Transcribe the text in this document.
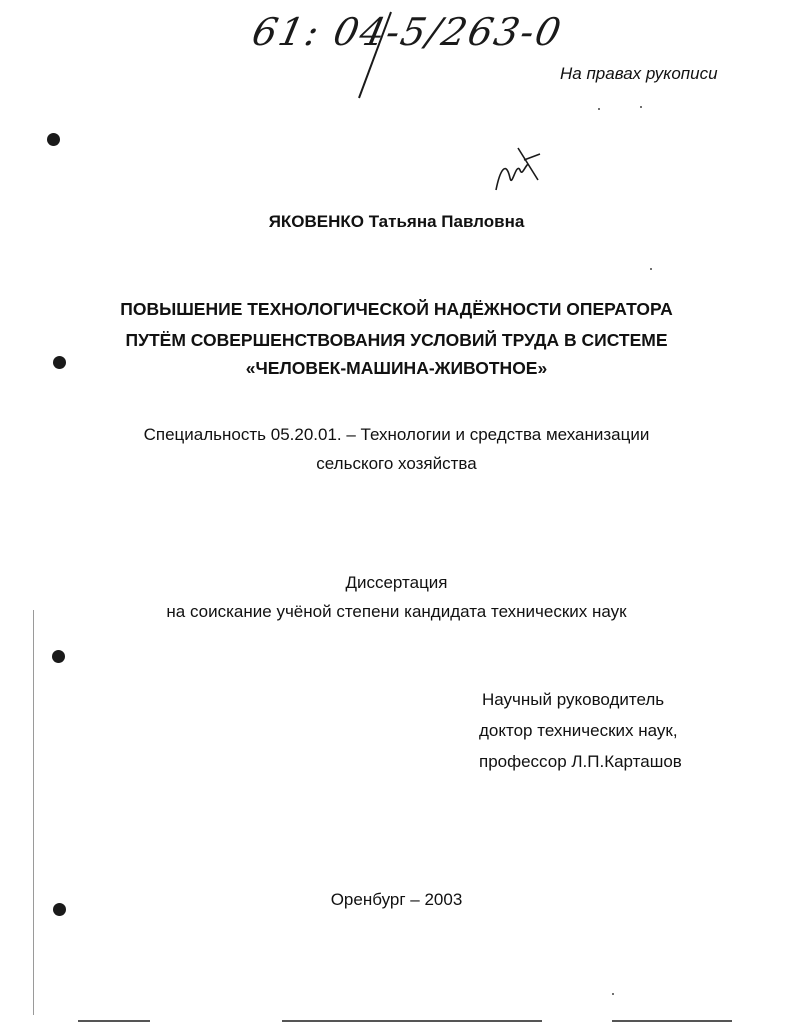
61: 04-5/263-0
На правах рукописи
ЯКОВЕНКО Татьяна Павловна
ПОВЫШЕНИЕ ТЕХНОЛОГИЧЕСКОЙ НАДЁЖНОСТИ ОПЕРАТОРА
ПУТЁМ СОВЕРШЕНСТВОВАНИЯ УСЛОВИЙ ТРУДА В СИСТЕМЕ
«ЧЕЛОВЕК-МАШИНА-ЖИВОТНОЕ»
Специальность 05.20.01. – Технологии и средства механизации
сельского хозяйства
Диссертация
на соискание учёной степени кандидата технических наук
Научный руководитель
доктор технических наук,
профессор Л.П.Карташов
Оренбург – 2003
